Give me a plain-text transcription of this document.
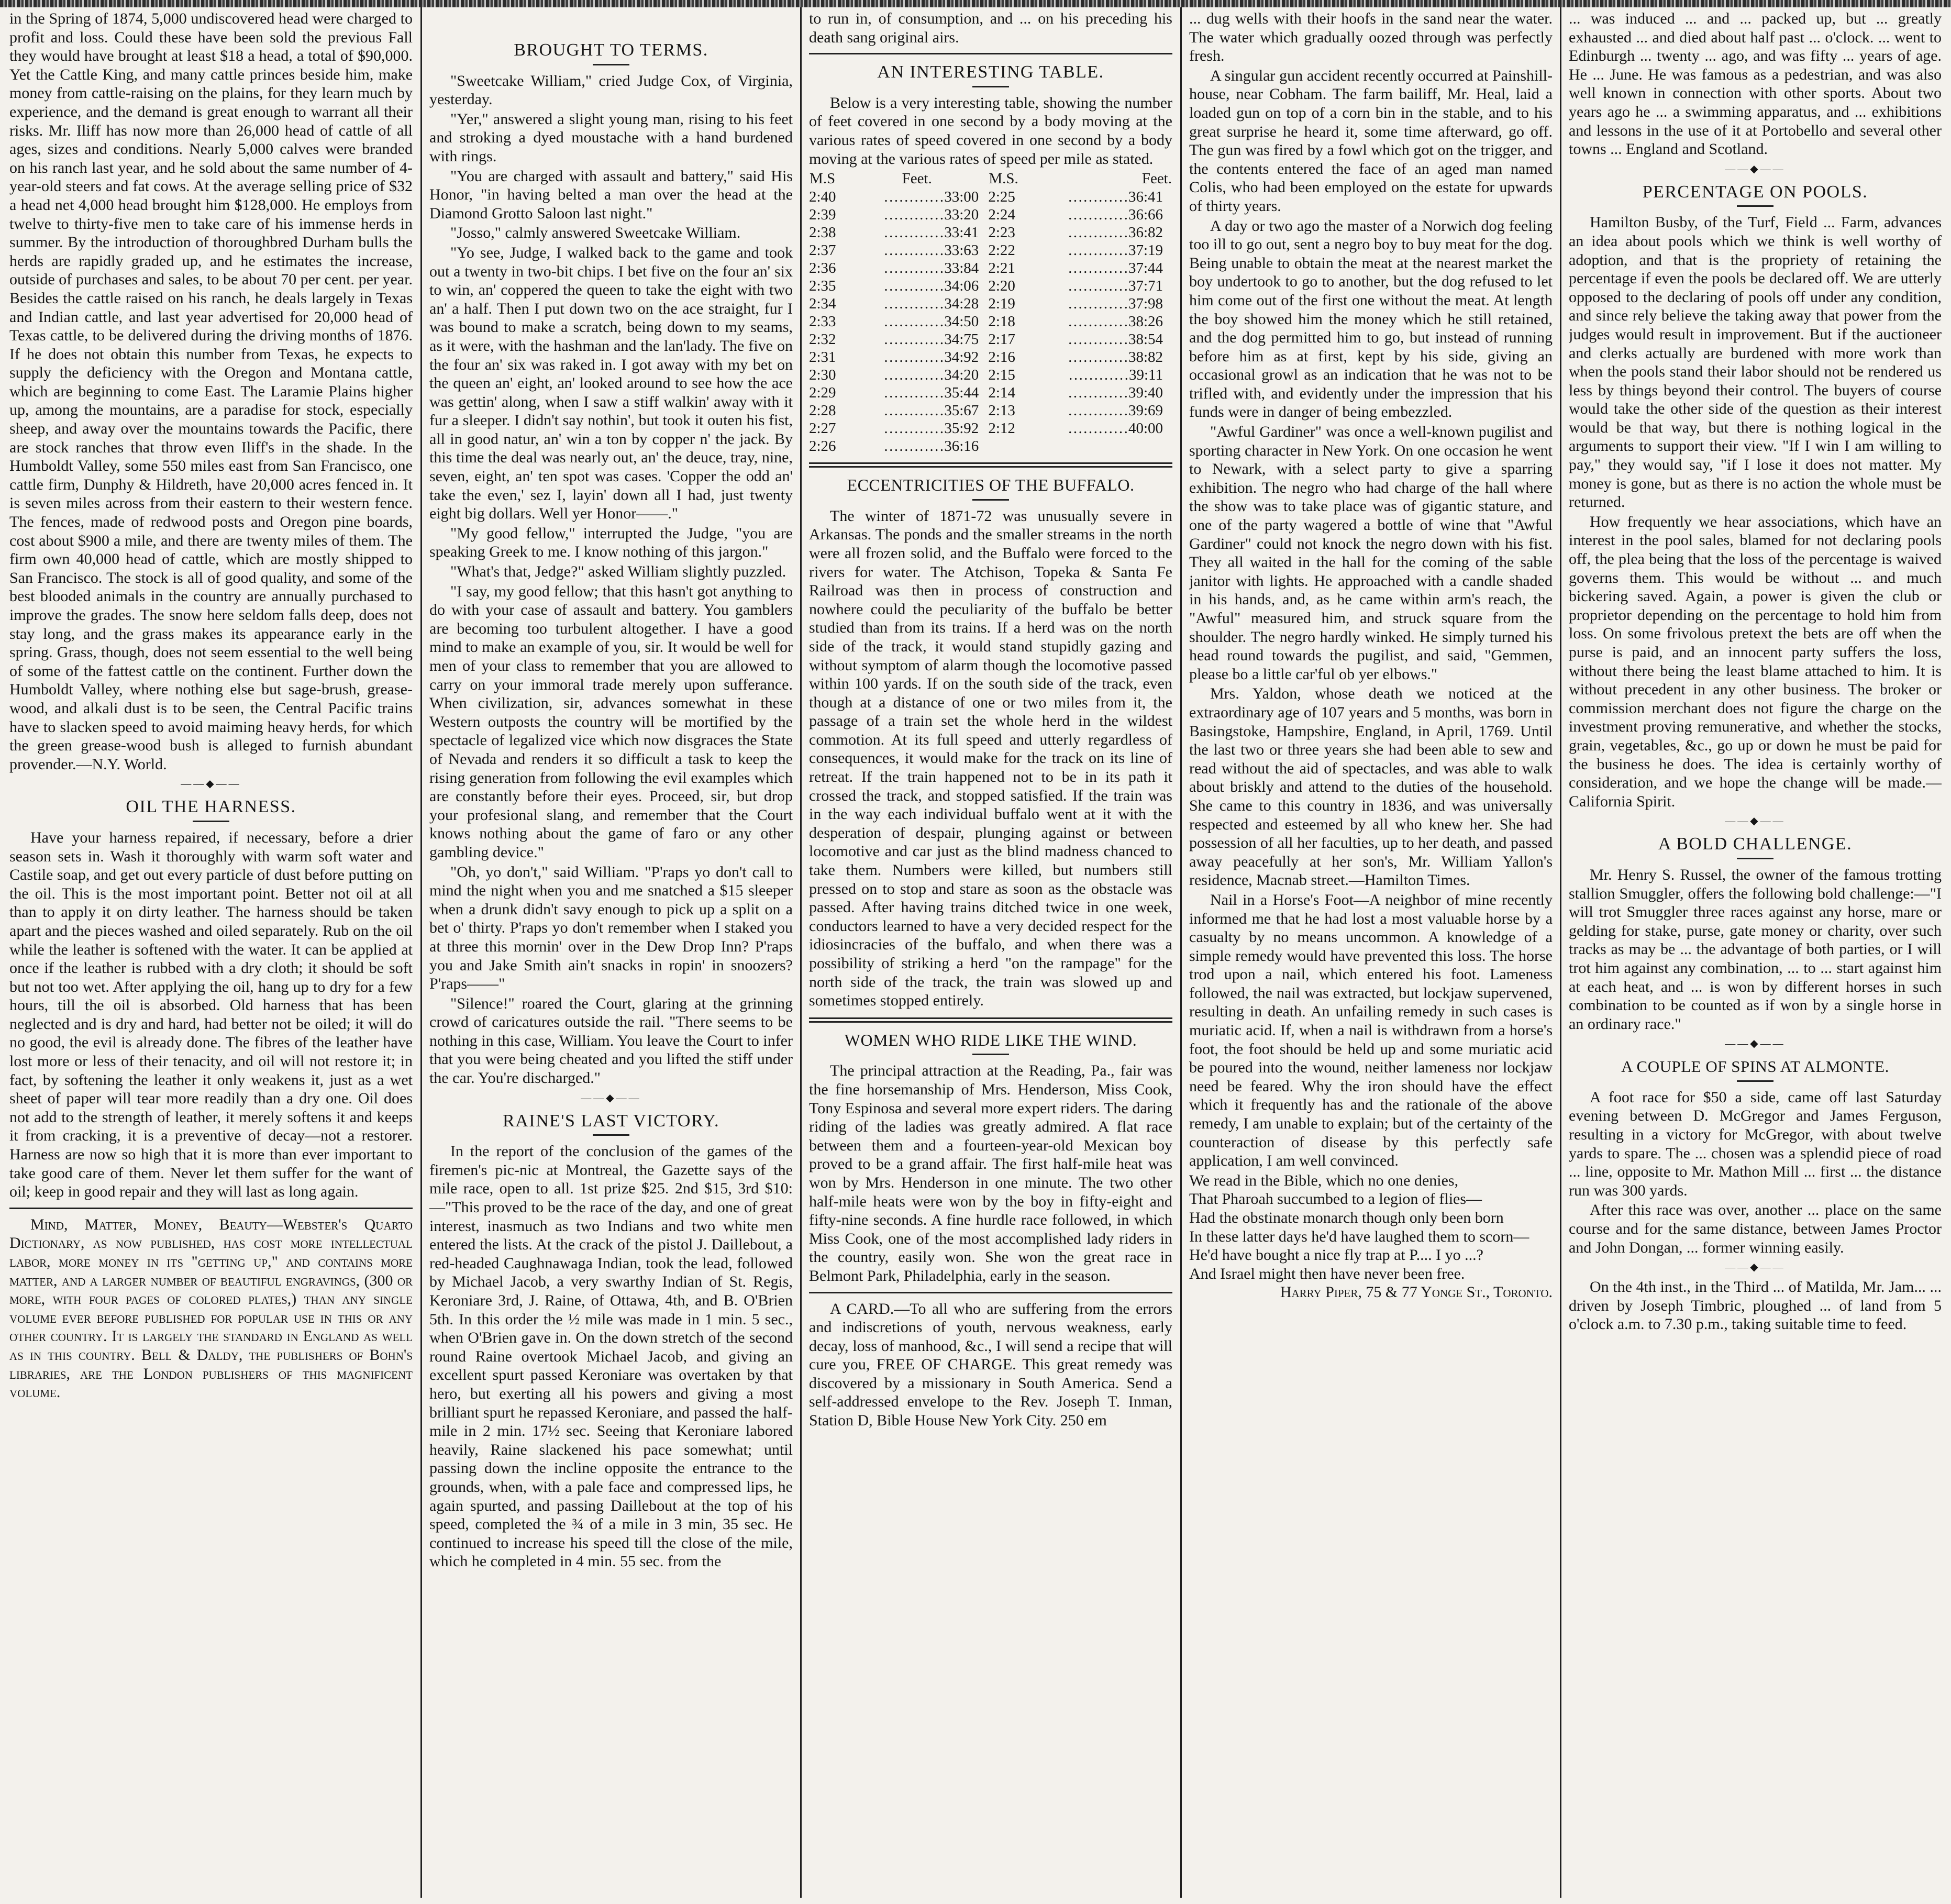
in the Spring of 1874, 5,000 undiscovered head were charged to profit and loss. Could these have been sold the previous Fall they would have brought at least $18 a head, a total of $90,000. Yet the Cattle King, and many cattle princes beside him, make money from cattle-raising on the plains, for they learn much by experience, and the demand is great enough to warrant all their risks. Mr. Iliff has now more than 26,000 head of cattle of all ages, sizes and conditions. Nearly 5,000 calves were branded on his ranch last year, and he sold about the same number of 4-year-old steers and fat cows. At the average selling price of $32 a head net 4,000 head brought him $128,000. He employs from twelve to thirty-five men to take care of his immense herds in summer. By the introduction of thoroughbred Durham bulls the herds are rapidly graded up, and he estimates the increase, outside of purchases and sales, to be about 70 per cent. per year. Besides the cattle raised on his ranch, he deals largely in Texas and Indian cattle, and last year advertised for 20,000 head of Texas cattle, to be delivered during the driving months of 1876. If he does not obtain this number from Texas, he expects to supply the deficiency with the Oregon and Montana cattle, which are beginning to come East. The Laramie Plains higher up, among the mountains, are a paradise for stock, especially sheep, and away over the mountains towards the Pacific, there are stock ranches that throw even Iliff's in the shade. In the Humboldt Valley, some 550 miles east from San Francisco, one cattle firm, Dunphy & Hildreth, have 20,000 acres fenced in. It is seven miles across from their eastern to their western fence. The fences, made of redwood posts and Oregon pine boards, cost about $900 a mile, and there are twenty miles of them. The firm own 40,000 head of cattle, which are mostly shipped to San Francisco. The stock is all of good quality, and some of the best blooded animals in the country are annually purchased to improve the grades. The snow here seldom falls deep, does not stay long, and the grass makes its appearance early in the spring. Grass, though, does not seem essential to the well being of some of the fattest cattle on the continent. Further down the Humboldt Valley, where nothing else but sage-brush, grease-wood, and alkali dust is to be seen, the Central Pacific trains have to slacken speed to avoid maiming heavy herds, for which the green grease-wood bush is alleged to furnish abundant provender.—N.Y. World.

——◆——
OIL THE HARNESS.

Have your harness repaired, if necessary, before a drier season sets in. Wash it thoroughly with warm soft water and Castile soap, and get out every particle of dust before putting on the oil. This is the most important point. Better not oil at all than to apply it on dirty leather. The harness should be taken apart and the pieces washed and oiled separately. Rub on the oil while the leather is softened with the water. It can be applied at once if the leather is rubbed with a dry cloth; it should be soft but not too wet. After applying the oil, hang up to dry for a few hours, till the oil is absorbed. Old harness that has been neglected and is dry and hard, had better not be oiled; it will do no good, the evil is already done. The fibres of the leather have lost more or less of their tenacity, and oil will not restore it; in fact, by softening the leather it only weakens it, just as a wet sheet of paper will tear more readily than a dry one. Oil does not add to the strength of leather, it merely softens it and keeps it from cracking, it is a preventive of decay—not a restorer. Harness are now so high that it is more than ever important to take good care of them. Never let them suffer for the want of oil; keep in good repair and they will last as long again.

Mind, Matter, Money, Beauty—Webster's Quarto Dictionary, as now published, has cost more intellectual labor, more money in its "getting up," and contains more matter, and a larger number of beautiful engravings, (300 or more, with four pages of colored plates,) than any single volume ever before published for popular use in this or any other country. It is largely the standard in England as well as in this country. Bell & Daldy, the publishers of Bohn's libraries, are the London publishers of this magnificent volume.

BROUGHT TO TERMS.

"Sweetcake William," cried Judge Cox, of Virginia, yesterday.

"Yer," answered a slight young man, rising to his feet and stroking a dyed moustache with a hand burdened with rings.

"You are charged with assault and battery," said His Honor, "in having belted a man over the head at the Diamond Grotto Saloon last night."

"Josso," calmly answered Sweetcake William.

"Yo see, Judge, I walked back to the game and took out a twenty in two-bit chips. I bet five on the four an' six to win, an' coppered the queen to take the eight with two an' a half. Then I put down two on the ace straight, fur I was bound to make a scratch, being down to my seams, as it were, with the hashman and the lan'lady. The five on the four an' six was raked in. I got away with my bet on the queen an' eight, an' looked around to see how the ace was gettin' along, when I saw a stiff walkin' away with it fur a sleeper. I didn't say nothin', but took it outen his fist, all in good natur, an' win a ton by copper n' the jack. By this time the deal was nearly out, an' the deuce, tray, nine, seven, eight, an' ten spot was cases. 'Copper the odd an' take the even,' sez I, layin' down all I had, just twenty eight big dollars. Well yer Honor——."

"My good fellow," interrupted the Judge, "you are speaking Greek to me. I know nothing of this jargon."

"What's that, Jedge?" asked William slightly puzzled.

"I say, my good fellow; that this hasn't got anything to do with your case of assault and battery. You gamblers are becoming too turbulent altogether. I have a good mind to make an example of you, sir. It would be well for men of your class to remember that you are allowed to carry on your immoral trade merely upon sufferance. When civilization, sir, advances somewhat in these Western outposts the country will be mortified by the spectacle of legalized vice which now disgraces the State of Nevada and renders it so difficult a task to keep the rising generation from following the evil examples which are constantly before their eyes. Proceed, sir, but drop your profesional slang, and remember that the Court knows nothing about the game of faro or any other gambling device."

"Oh, yo don't," said William. "P'raps yo don't call to mind the night when you and me snatched a $15 sleeper when a drunk didn't savy enough to pick up a split on a bet o' thirty. P'raps yo don't remember when I staked you at three this mornin' over in the Dew Drop Inn? P'raps you and Jake Smith ain't snacks in ropin' in snoozers? P'raps——"

"Silence!" roared the Court, glaring at the grinning crowd of caricatures outside the rail. "There seems to be nothing in this case, William. You leave the Court to infer that you were being cheated and you lifted the stiff under the car. You're discharged."

——◆——
RAINE'S LAST VICTORY.

In the report of the conclusion of the games of the firemen's pic-nic at Montreal, the Gazette says of the mile race, open to all. 1st prize $25. 2nd $15, 3rd $10:—"This proved to be the race of the day, and one of great interest, inasmuch as two Indians and two white men entered the lists. At the crack of the pistol J. Daillebout, a red-headed Caughnawaga Indian, took the lead, followed by Michael Jacob, a very swarthy Indian of St. Regis, Keroniare 3rd, J. Raine, of Ottawa, 4th, and B. O'Brien 5th. In this order the ½ mile was made in 1 min. 5 sec., when O'Brien gave in. On the down stretch of the second round Raine overtook Michael Jacob, and giving an excellent spurt passed Keroniare was overtaken by that hero, but exerting all his powers and giving a most brilliant spurt he repassed Keroniare, and passed the half-mile in 2 min. 17½ sec. Seeing that Keroniare labored heavily, Raine slackened his pace somewhat; until passing down the incline opposite the entrance to the grounds, when, with a pale face and compressed lips, he again spurted, and passing Daillebout at the top of his speed, completed the ¾ of a mile in 3 min, 35 sec. He continued to increase his speed till the close of the mile, which he completed in 4 min. 55 sec. from the

to run in, of consumption, and ... on his preceding his death sang original airs.

AN INTERESTING TABLE.

Below is a very interesting table, showing the number of feet covered in one second by a body moving at the various rates of speed covered in one second by a body moving at the various rates of speed per mile as stated.

M.S	Feet.	M.S.	Feet.
2:40	…………33:00	2:25	…………36:41
2:39	…………33:20	2:24	…………36:66
2:38	…………33:41	2:23	…………36:82
2:37	…………33:63	2:22	…………37:19
2:36	…………33:84	2:21	…………37:44
2:35	…………34:06	2:20	…………37:71
2:34	…………34:28	2:19	…………37:98
2:33	…………34:50	2:18	…………38:26
2:32	…………34:75	2:17	…………38:54
2:31	…………34:92	2:16	…………38:82
2:30	…………34:20	2:15	…………39:11
2:29	…………35:44	2:14	…………39:40
2:28	…………35:67	2:13	…………39:69
2:27	…………35:92	2:12	…………40:00
2:26	…………36:16		
ECCENTRICITIES OF THE BUFFALO.

The winter of 1871-72 was unusually severe in Arkansas. The ponds and the smaller streams in the north were all frozen solid, and the Buffalo were forced to the rivers for water. The Atchison, Topeka & Santa Fe Railroad was then in process of construction and nowhere could the peculiarity of the buffalo be better studied than from its trains. If a herd was on the north side of the track, it would stand stupidly gazing and without symptom of alarm though the locomotive passed within 100 yards. If on the south side of the track, even though at a distance of one or two miles from it, the passage of a train set the whole herd in the wildest commotion. At its full speed and utterly regardless of consequences, it would make for the track on its line of retreat. If the train happened not to be in its path it crossed the track, and stopped satisfied. If the train was in the way each individual buffalo went at it with the desperation of despair, plunging against or between locomotive and car just as the blind madness chanced to take them. Numbers were killed, but numbers still pressed on to stop and stare as soon as the obstacle was passed. After having trains ditched twice in one week, conductors learned to have a very decided respect for the idiosincracies of the buffalo, and when there was a possibility of striking a herd "on the rampage" for the north side of the track, the train was slowed up and sometimes stopped entirely.

WOMEN WHO RIDE LIKE THE WIND.

The principal attraction at the Reading, Pa., fair was the fine horsemanship of Mrs. Henderson, Miss Cook, Tony Espinosa and several more expert riders. The daring riding of the ladies was greatly admired. A flat race between them and a fourteen-year-old Mexican boy proved to be a grand affair. The first half-mile heat was won by Mrs. Henderson in one minute. The two other half-mile heats were won by the boy in fifty-eight and fifty-nine seconds. A fine hurdle race followed, in which Miss Cook, one of the most accomplished lady riders in the country, easily won. She won the great race in Belmont Park, Philadelphia, early in the season.

A CARD.—To all who are suffering from the errors and indiscretions of youth, nervous weakness, early decay, loss of manhood, &c., I will send a recipe that will cure you, FREE OF CHARGE. This great remedy was discovered by a missionary in South America. Send a self-addressed envelope to the Rev. Joseph T. Inman, Station D, Bible House New York City. 250 em

... dug wells with their hoofs in the sand near the water. The water which gradually oozed through was perfectly fresh.

A singular gun accident recently occurred at Painshill-house, near Cobham. The farm bailiff, Mr. Heal, laid a loaded gun on top of a corn bin in the stable, and to his great surprise he heard it, some time afterward, go off. The gun was fired by a fowl which got on the trigger, and the contents entered the face of an aged man named Colis, who had been employed on the estate for upwards of thirty years.

A day or two ago the master of a Norwich dog feeling too ill to go out, sent a negro boy to buy meat for the dog. Being unable to obtain the meat at the nearest market the boy undertook to go to another, but the dog refused to let him come out of the first one without the meat. At length the boy showed him the money which he still retained, and the dog permitted him to go, but instead of running before him as at first, kept by his side, giving an occasional growl as an indication that he was not to be trifled with, and evidently under the impression that his funds were in danger of being embezzled.

"Awful Gardiner" was once a well-known pugilist and sporting character in New York. On one occasion he went to Newark, with a select party to give a sparring exhibition. The negro who had charge of the hall where the show was to take place was of gigantic stature, and one of the party wagered a bottle of wine that "Awful Gardiner" could not knock the negro down with his fist. They all waited in the hall for the coming of the sable janitor with lights. He approached with a candle shaded in his hands, and, as he came within arm's reach, the "Awful" measured him, and struck square from the shoulder. The negro hardly winked. He simply turned his head round towards the pugilist, and said, "Gemmen, please bo a little car'ful ob yer elbows."

Mrs. Yaldon, whose death we noticed at the extraordinary age of 107 years and 5 months, was born in Basingstoke, Hampshire, England, in April, 1769. Until the last two or three years she had been able to sew and read without the aid of spectacles, and was able to walk about briskly and attend to the duties of the household. She came to this country in 1836, and was universally respected and esteemed by all who knew her. She had possession of all her faculties, up to her death, and passed away peacefully at her son's, Mr. William Yallon's residence, Macnab street.—Hamilton Times.

Nail in a Horse's Foot—A neighbor of mine recently informed me that he had lost a most valuable horse by a casualty by no means uncommon. A knowledge of a simple remedy would have prevented this loss. The horse trod upon a nail, which entered his foot. Lameness followed, the nail was extracted, but lockjaw supervened, resulting in death. An unfailing remedy in such cases is muriatic acid. If, when a nail is withdrawn from a horse's foot, the foot should be held up and some muriatic acid be poured into the wound, neither lameness nor lockjaw need be feared. Why the iron should have the effect which it frequently has and the rationale of the above remedy, I am unable to explain; but of the certainty of the counteraction of disease by this perfectly safe application, I am well convinced.

We read in the Bible, which no one denies,
That Pharoah succumbed to a legion of flies—
Had the obstinate monarch though only been born
In these latter days he'd have laughed them to scorn—
He'd have bought a nice fly trap at P.... I yo ...?
And Israel might then have never been free.

Harry Piper, 75 & 77 Yonge St., Toronto.

... was induced ... and ... packed up, but ... greatly exhausted ... and died about half past ... o'clock. ... went to Edinburgh ... twenty ... ago, and was fifty ... years of age. He ... June. He was famous as a pedestrian, and was also well known in connection with other sports. About two years ago he ... a swimming apparatus, and ... exhibitions and lessons in the use of it at Portobello and several other towns ... England and Scotland.

——◆——
PERCENTAGE ON POOLS.

Hamilton Busby, of the Turf, Field ... Farm, advances an idea about pools which we think is well worthy of adoption, and that is the propriety of retaining the percentage if even the pools be declared off. We are utterly opposed to the declaring of pools off under any condition, and since rely believe the taking away that power from the judges would result in improvement. But if the auctioneer and clerks actually are burdened with more work than when the pools stand their labor should not be rendered us less by things beyond their control. The buyers of course would take the other side of the question as their interest would be that way, but there is nothing logical in the arguments to support their view. "If I win I am willing to pay," they would say, "if I lose it does not matter. My money is gone, but as there is no action the whole must be returned.

How frequently we hear associations, which have an interest in the pool sales, blamed for not declaring pools off, the plea being that the loss of the percentage is waived governs them. This would be without ... and much bickering saved. Again, a power is given the club or proprietor depending on the percentage to hold him from loss. On some frivolous pretext the bets are off when the purse is paid, and an innocent party suffers the loss, without there being the least blame attached to him. It is without precedent in any other business. The broker or commission merchant does not figure the charge on the investment proving remunerative, and whether the stocks, grain, vegetables, &c., go up or down he must be paid for the business he does. The idea is certainly worthy of consideration, and we hope the change will be made.—California Spirit.

——◆——
A BOLD CHALLENGE.

Mr. Henry S. Russel, the owner of the famous trotting stallion Smuggler, offers the following bold challenge:—"I will trot Smuggler three races against any horse, mare or gelding for stake, purse, gate money or charity, over such tracks as may be ... the advantage of both parties, or I will trot him against any combination, ... to ... start against him at each heat, and ... is won by different horses in such combination to be counted as if won by a single horse in an ordinary race."

——◆——
A COUPLE OF SPINS AT ALMONTE.

A foot race for $50 a side, came off last Saturday evening between D. McGregor and James Ferguson, resulting in a victory for McGregor, with about twelve yards to spare. The ... chosen was a splendid piece of road ... line, opposite to Mr. Mathon Mill ... first ... the distance run was 300 yards.

After this race was over, another ... place on the same course and for the same distance, between James Proctor and John Dongan, ... former winning easily.

——◆——

On the 4th inst., in the Third ... of Matilda, Mr. Jam... ... driven by Joseph Timbric, ploughed ... of land from 5 o'clock a.m. to 7.30 p.m., taking suitable time to feed.
